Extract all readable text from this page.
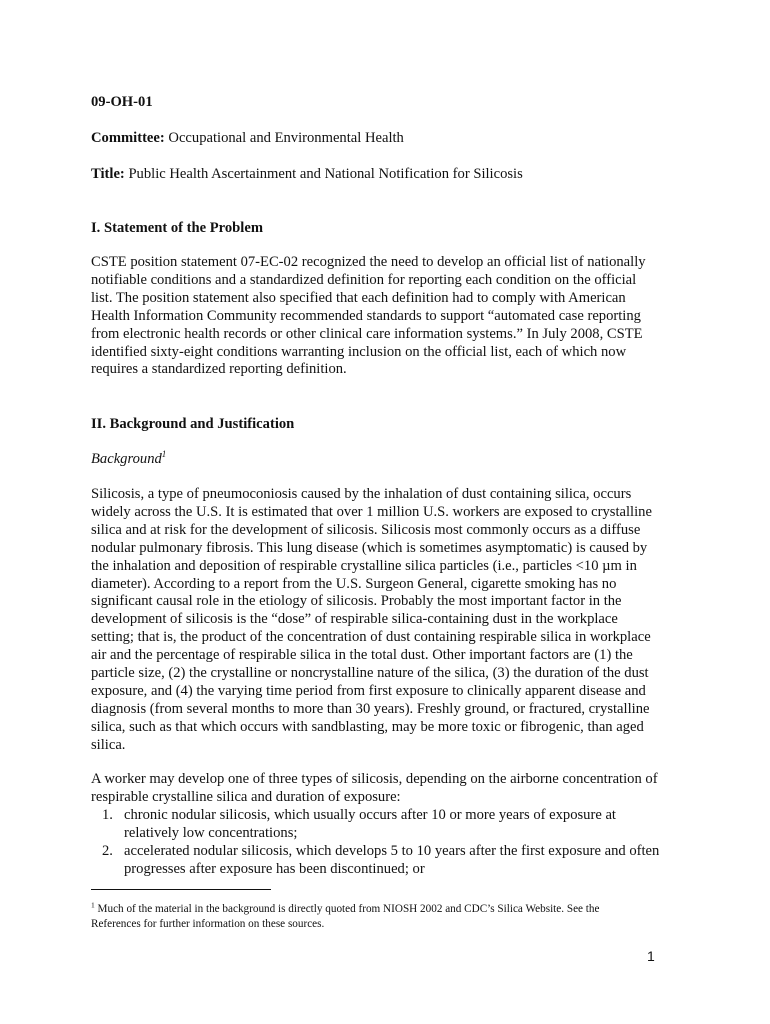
09-OH-01
Committee: Occupational and Environmental Health
Title: Public Health Ascertainment and National Notification for Silicosis
I. Statement of the Problem
CSTE position statement 07-EC-02 recognized the need to develop an official list of nationally
notifiable conditions and a standardized definition for reporting each condition on the official
list. The position statement also specified that each definition had to comply with American
Health Information Community recommended standards to support “automated case reporting
from electronic health records or other clinical care information systems.” In July 2008, CSTE
identified sixty-eight conditions warranting inclusion on the official list, each of which now
requires a standardized reporting definition.
II. Background and Justification
Background$^1$
Silicosis, a type of pneumoconiosis caused by the inhalation of dust containing silica, occurs
widely across the U.S. It is estimated that over 1 million U.S. workers are exposed to crystalline
silica and at risk for the development of silicosis. Silicosis most commonly occurs as a diffuse
nodular pulmonary fibrosis. This lung disease (which is sometimes asymptomatic) is caused by
the inhalation and deposition of respirable crystalline silica particles (i.e., particles <10 µm in
diameter). According to a report from the U.S. Surgeon General, cigarette smoking has no
significant causal role in the etiology of silicosis. Probably the most important factor in the
development of silicosis is the “dose” of respirable silica-containing dust in the workplace
setting; that is, the product of the concentration of dust containing respirable silica in workplace
air and the percentage of respirable silica in the total dust. Other important factors are (1) the
particle size, (2) the crystalline or noncrystalline nature of the silica, (3) the duration of the dust
exposure, and (4) the varying time period from first exposure to clinically apparent disease and
diagnosis (from several months to more than 30 years). Freshly ground, or fractured, crystalline
silica, such as that which occurs with sandblasting, may be more toxic or fibrogenic, than aged
silica.
A worker may develop one of three types of silicosis, depending on the airborne concentration of
respirable crystalline silica and duration of exposure:
1. chronic nodular silicosis, which usually occurs after 10 or more years of exposure at
relatively low concentrations;
2. accelerated nodular silicosis, which develops 5 to 10 years after the first exposure and often
progresses after exposure has been discontinued; or
$^1$ Much of the material in the background is directly quoted from NIOSH 2002 and CDC’s Silica Website. See the
References for further information on these sources.
1
